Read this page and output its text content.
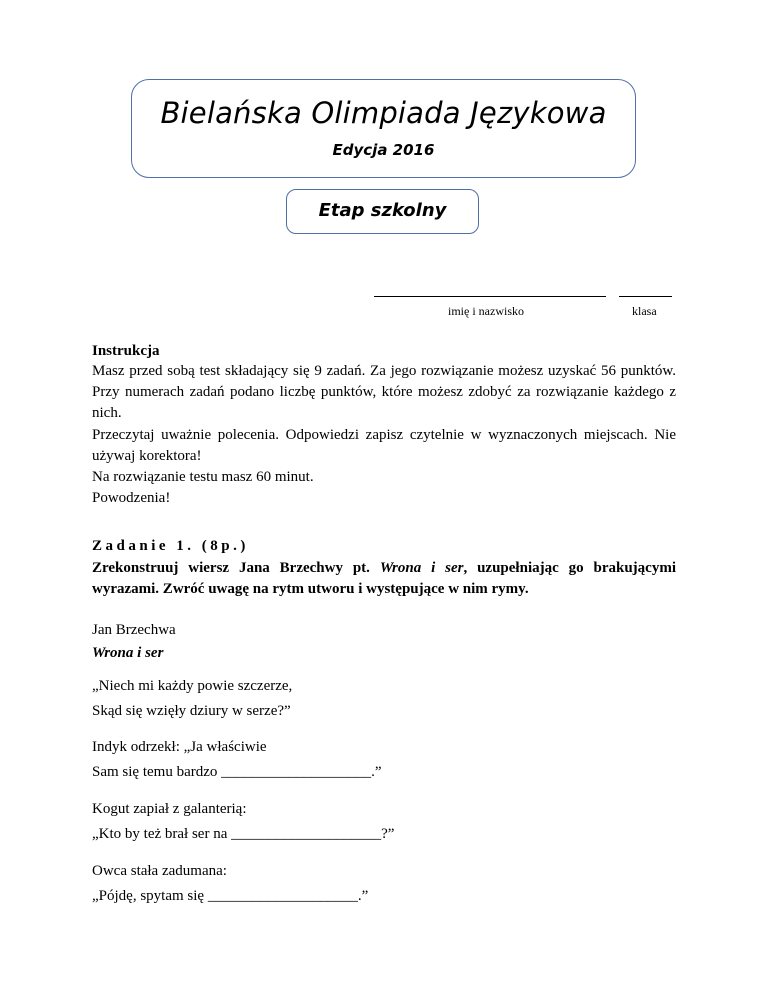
Bielańska Olimpiada Językowa
Edycja 2016
Etap szkolny
imię i nazwisko	klasa
Instrukcja
Masz przed sobą test składający się 9 zadań. Za jego rozwiązanie możesz uzyskać 56 punktów. Przy numerach zadań podano liczbę punktów, które możesz zdobyć za rozwiązanie każdego z nich.
Przeczytaj uważnie polecenia. Odpowiedzi zapisz czytelnie w wyznaczonych miejscach. Nie używaj korektora!
Na rozwiązanie testu masz 60 minut.
Powodzenia!
Zadanie 1. (8p.)
Zrekonstruuj wiersz Jana Brzechwy pt. Wrona i ser, uzupełniając go brakującymi wyrazami. Zwróć uwagę na rytm utworu i występujące w nim rymy.
Jan Brzechwa
Wrona i ser
„Niech mi każdy powie szczerze,
Skąd się wzięły dziury w serze?”
Indyk odrzekł: „Ja właściwie
Sam się temu bardzo ____________________.”
Kogut zapiał z galanterią:
„Kto by też brał ser na ____________________?”
Owca stała zadumana:
„Pójdę, spytam się ____________________.”
